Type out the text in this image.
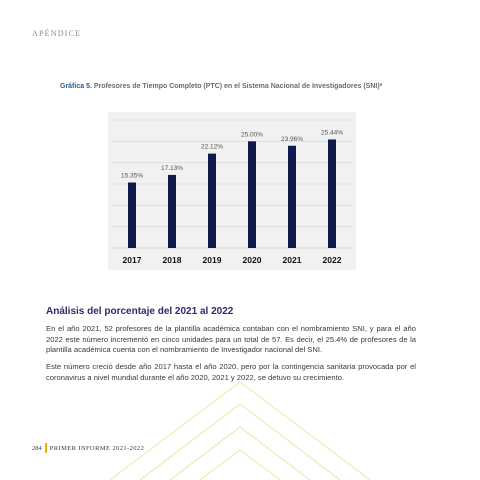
APÉNDICE
Gráfica 5. Profesores de Tiempo Completo (PTC) en el Sistema Nacional de Investigadores (SNI)*
15.35%
2017
17.13%
2018
22.12%
2019
25.00%
2020
23.96%
2021
25.44%
2022
Análisis del porcentaje del 2021 al 2022

En el año 2021, 52 profesores de la plantilla académica contaban con el nombramiento SNI, y para el año 2022 este número incrementó en cinco unidades para un total de 57. Es decir, el 25.4% de profesores de la plantilla académica cuenta con el nombramiento de Investigador nacional del SNI.

Este número creció desde año 2017 hasta el año 2020, pero por la contingencia sanitaria provocada por el coronavirus a nivel mundial durante el año 2020, 2021 y 2022, se detuvo su crecimiento.

284 PRIMER INFORME 2021-2022
